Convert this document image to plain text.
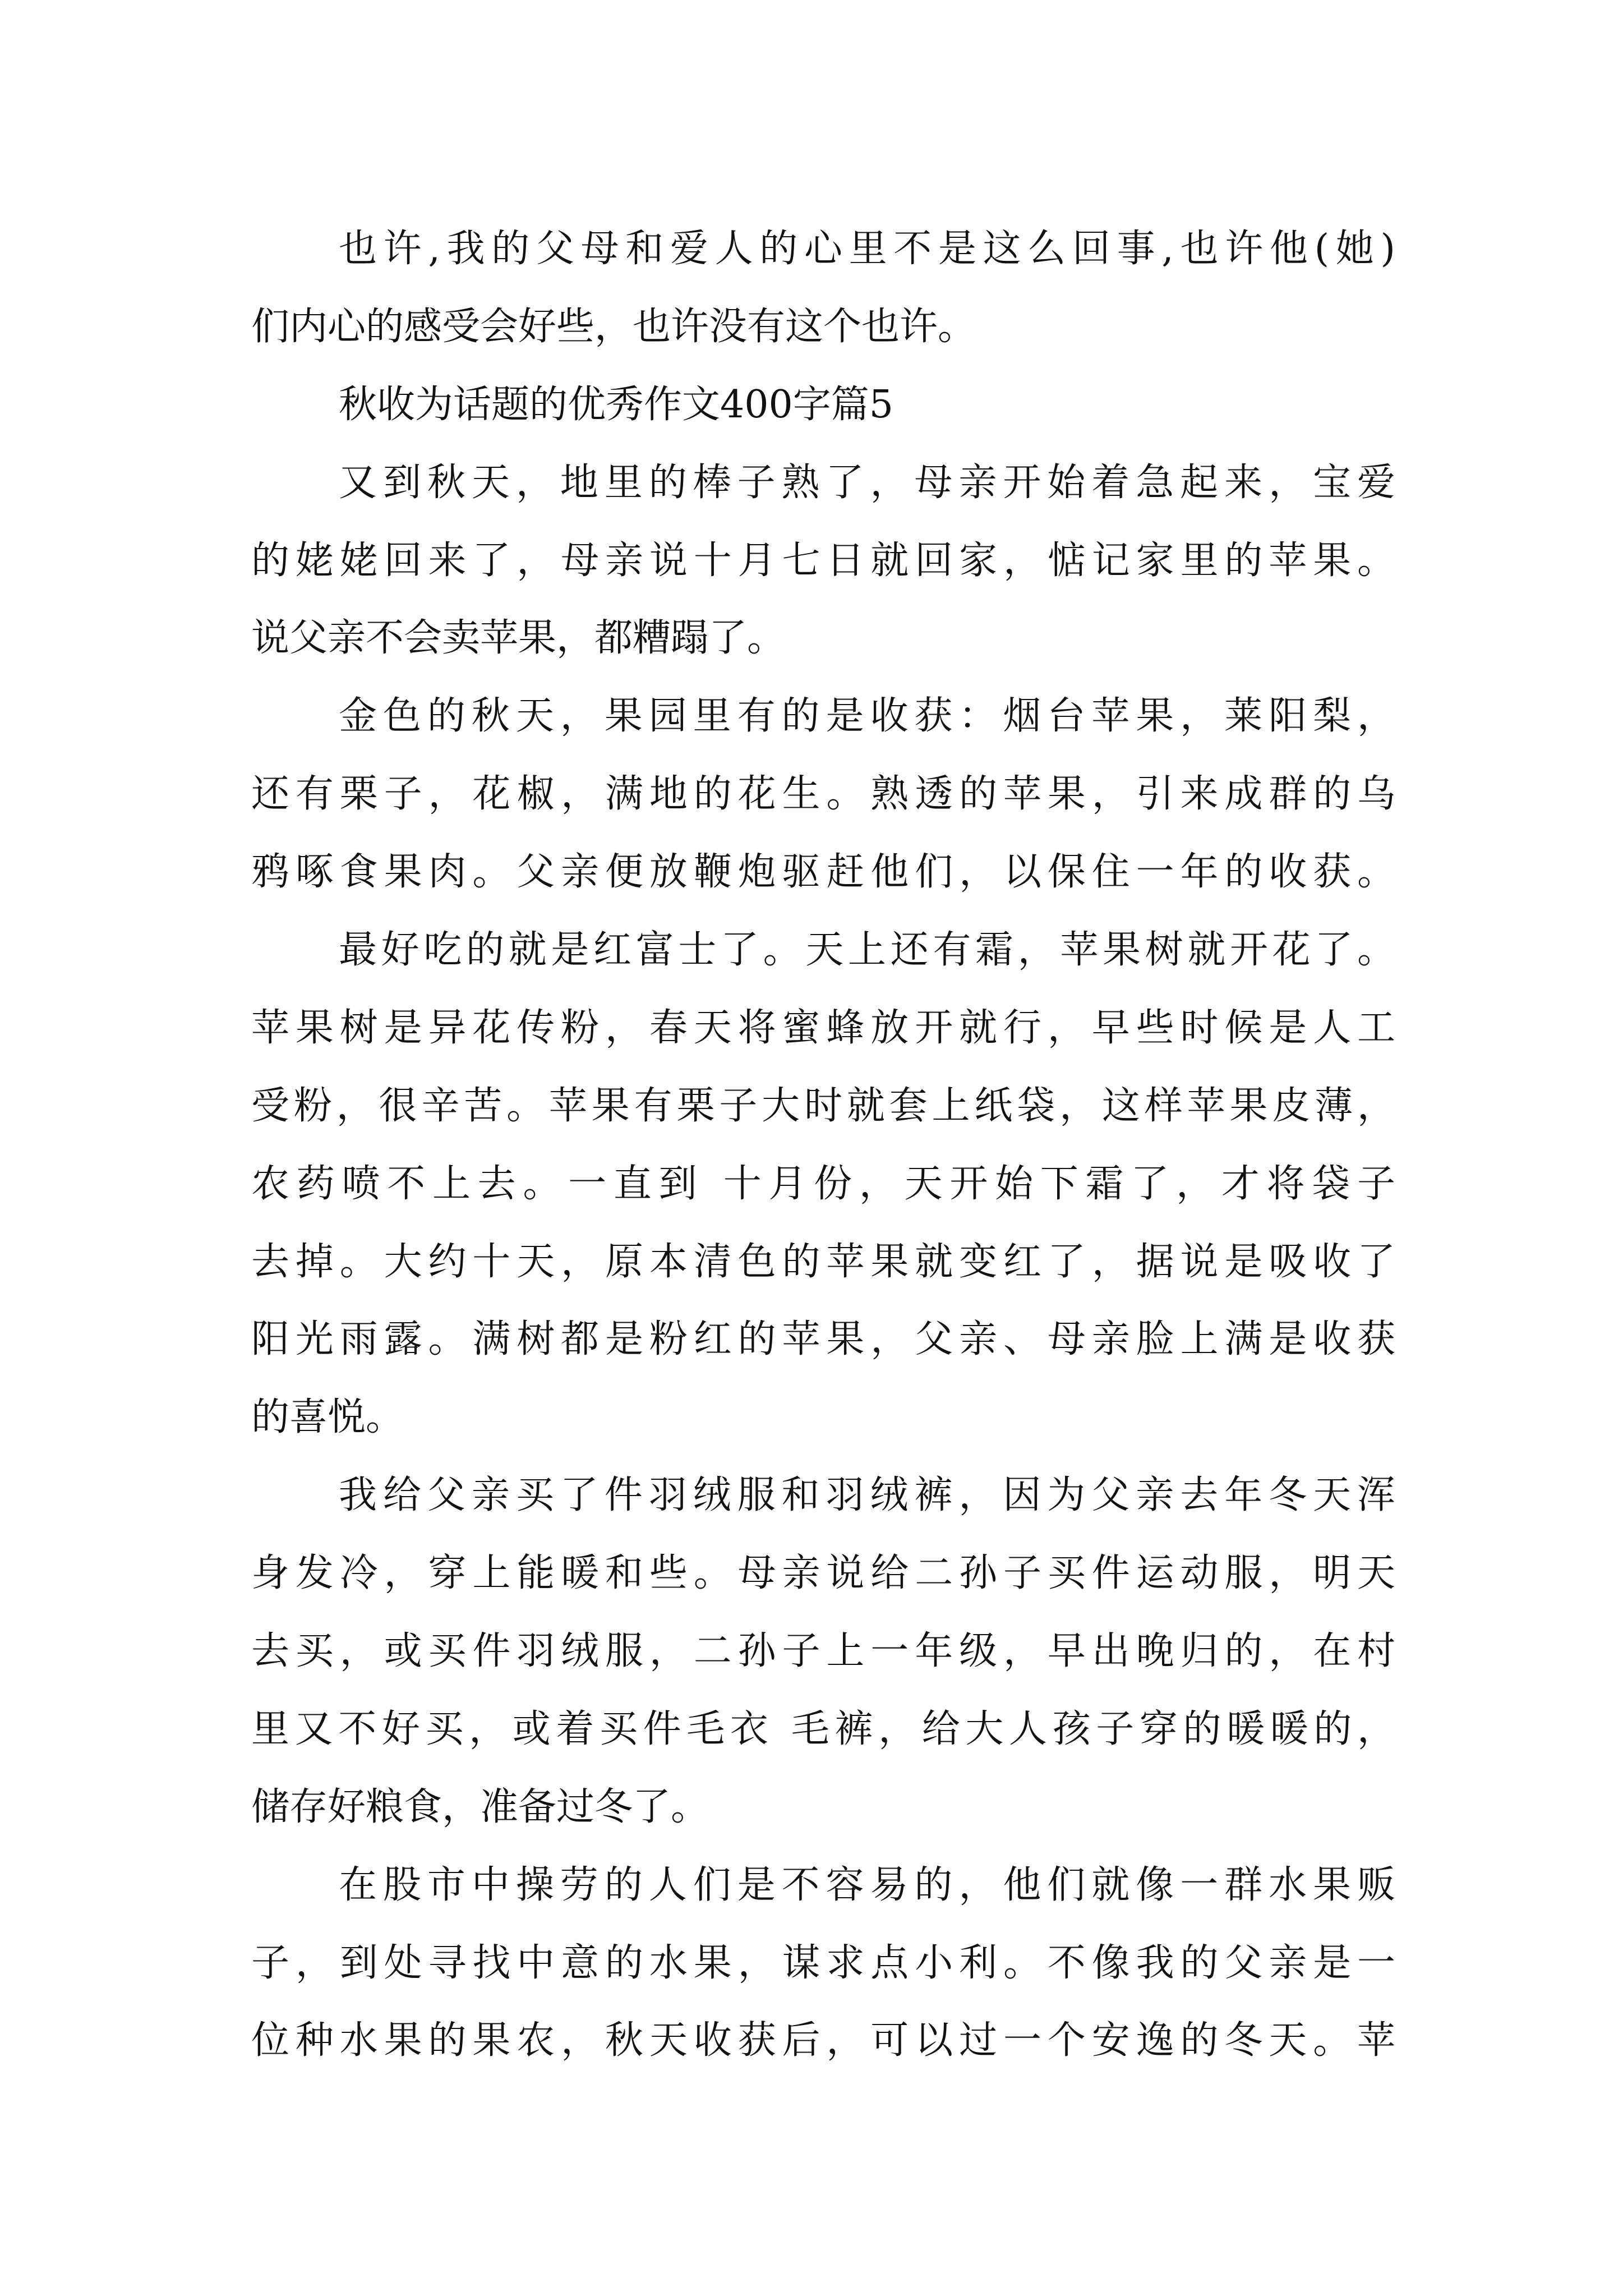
也许,我的父母和爱人的心里不是这么回事,也许他(她)
们内心的感受会好些，也许没有这个也许。
秋收为话题的优秀作文400字篇5
又到秋天，地里的棒子熟了，母亲开始着急起来，宝爱
的姥姥回来了，母亲说十月七日就回家，惦记家里的苹果。
说父亲不会卖苹果，都糟蹋了。
金色的秋天，果园里有的是收获：烟台苹果，莱阳梨，
还有栗子，花椒，满地的花生。熟透的苹果，引来成群的乌
鸦啄食果肉。父亲便放鞭炮驱赶他们，以保住一年的收获。
最好吃的就是红富士了。天上还有霜，苹果树就开花了。
苹果树是异花传粉，春天将蜜蜂放开就行，早些时候是人工
受粉，很辛苦。苹果有栗子大时就套上纸袋，这样苹果皮薄，
农药喷不上去。一直到 十月份，天开始下霜了，才将袋子
去掉。大约十天，原本清色的苹果就变红了，据说是吸收了
阳光雨露。满树都是粉红的苹果，父亲、母亲脸上满是收获
的喜悦。
我给父亲买了件羽绒服和羽绒裤，因为父亲去年冬天浑
身发冷，穿上能暖和些。母亲说给二孙子买件运动服，明天
去买，或买件羽绒服，二孙子上一年级，早出晚归的，在村
里又不好买，或着买件毛衣 毛裤，给大人孩子穿的暖暖的，
储存好粮食，准备过冬了。
在股市中操劳的人们是不容易的，他们就像一群水果贩
子，到处寻找中意的水果，谋求点小利。不像我的父亲是一
位种水果的果农，秋天收获后，可以过一个安逸的冬天。苹
